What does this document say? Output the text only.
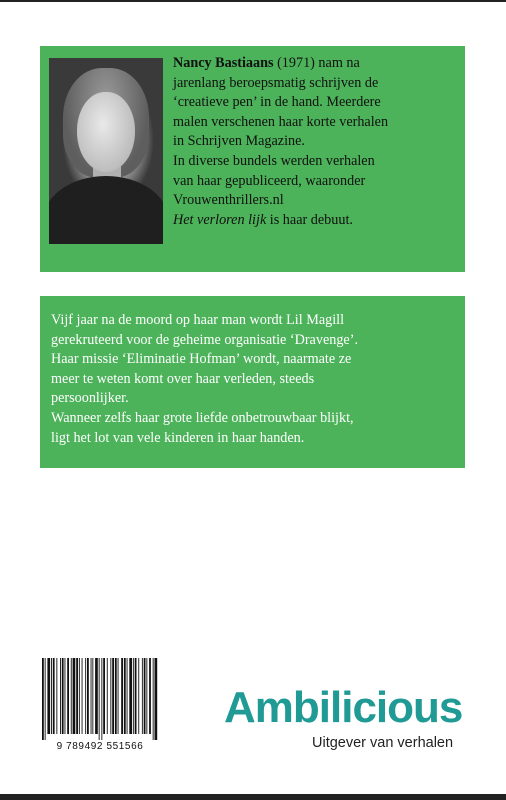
Nancy Bastiaans (1971) nam na
jarenlang beroepsmatig schrijven de
‘creatieve pen’ in de hand. Meerdere
malen verschenen haar korte verhalen
in Schrijven Magazine.
In diverse bundels werden verhalen
van haar gepubliceerd, waaronder
Vrouwenthrillers.nl
Het verloren lijk is haar debuut.
Vijf jaar na de moord op haar man wordt Lil Magill
gerekruteerd voor de geheime organisatie ‘Dravenge’.
Haar missie ‘Eliminatie Hofman’ wordt, naarmate ze
meer te weten komt over haar verleden, steeds
persoonlijker.
Wanneer zelfs haar grote liefde onbetrouwbaar blijkt,
ligt het lot van vele kinderen in haar handen.
9 789492 551566
Ambilicious
Uitgever van verhalen
